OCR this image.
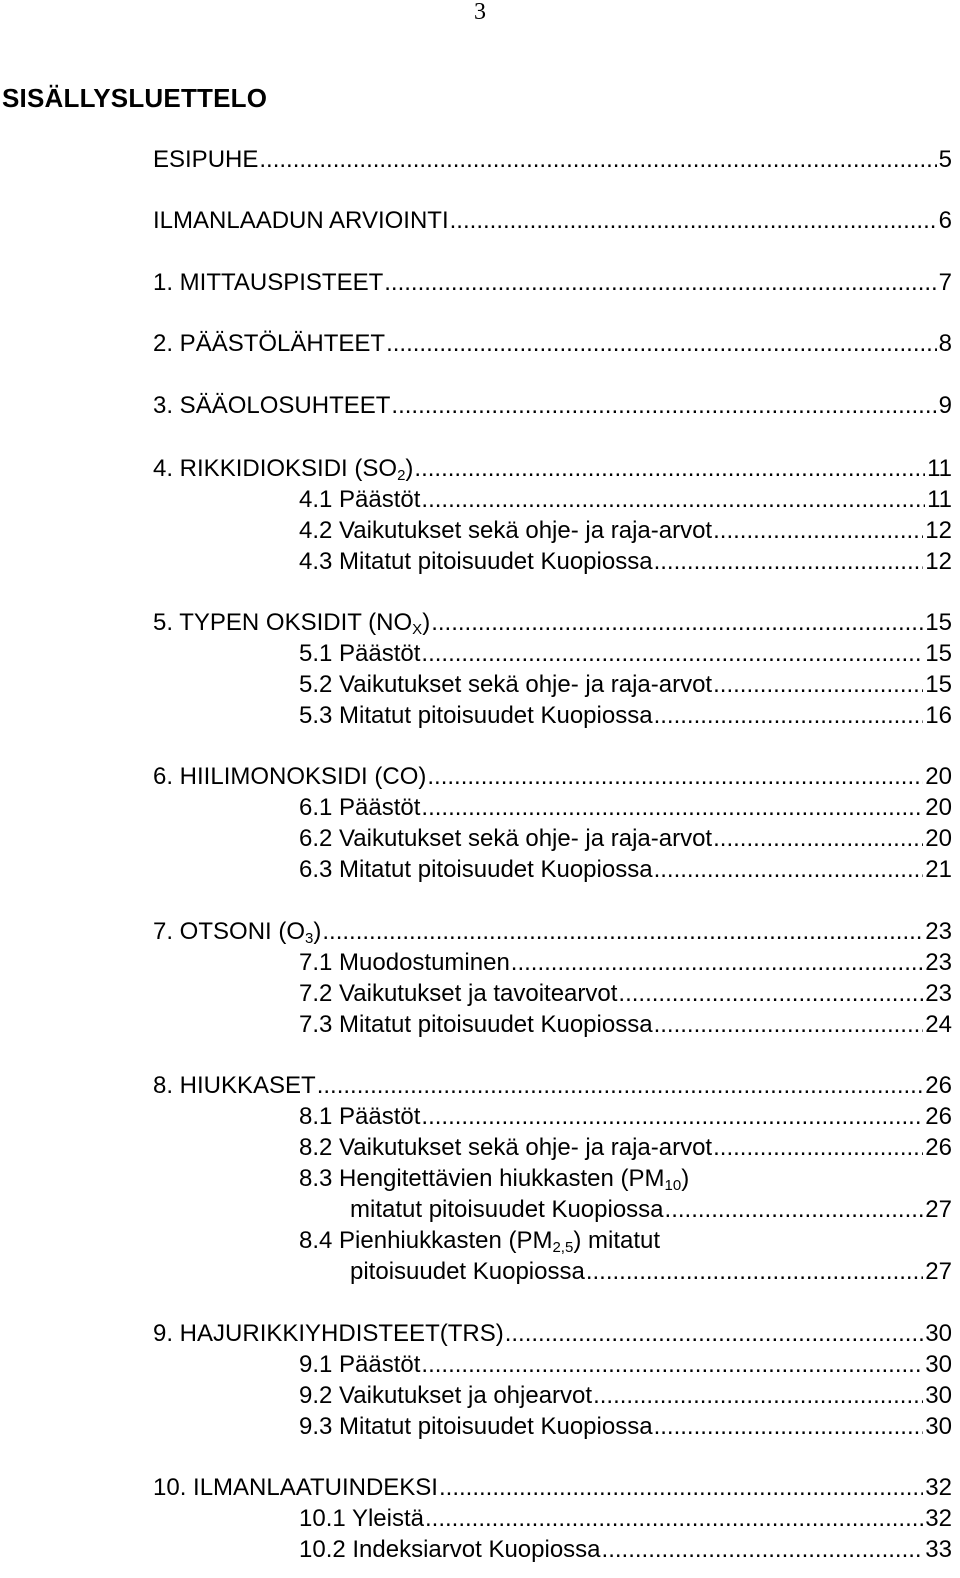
3
SISÄLLYSLUETTELO
ESIPUHE .....	5
ILMANLAADUN ARVIOINTI .....	6
1. MITTAUSPISTEET .....	7
2. PÄÄSTÖLÄHTEET .....	8
3. SÄÄOLOSUHTEET .....	9
4. RIKKIDIOKSIDI $(SO_2)$ .....	11
4.1 Päästöt .....	11
4.2 Vaikutukset sekä ohje- ja raja-arvot .....	12
4.3 Mitatut pitoisuudet Kuopiossa .....	12
5. TYPEN OKSIDIT $(NO_X)$ .....	15
5.1 Päästöt .....	15
5.2 Vaikutukset sekä ohje- ja raja-arvot .....	15
5.3 Mitatut pitoisuudet Kuopiossa .....	16
6. HIILIMONOKSIDI (CO) .....	20
6.1 Päästöt .....	20
6.2 Vaikutukset sekä ohje- ja raja-arvot .....	20
6.3 Mitatut pitoisuudet Kuopiossa .....	21
7. OTSONI $(O_3)$ .....	23
7.1 Muodostuminen .....	23
7.2 Vaikutukset ja tavoitearvot .....	23
7.3 Mitatut pitoisuudet Kuopiossa .....	24
8. HIUKKASET .....	26
8.1 Päästöt .....	26
8.2 Vaikutukset sekä ohje- ja raja-arvot .....	26
8.3 Hengitettävien hiukkasten $(PM_{10})$
mitatut pitoisuudet Kuopiossa .....	27
8.4 Pienhiukkasten $(PM_{2,5})$ mitatut
pitoisuudet Kuopiossa .....	27
9. HAJURIKKIYHDISTEET(TRS) .....	30
9.1 Päästöt .....	30
9.2 Vaikutukset ja ohjearvot .....	30
9.3 Mitatut pitoisuudet Kuopiossa .....	30
10. ILMANLAATUINDEKSI .....	32
10.1 Yleistä .....	32
10.2 Indeksiarvot Kuopiossa .....	33
